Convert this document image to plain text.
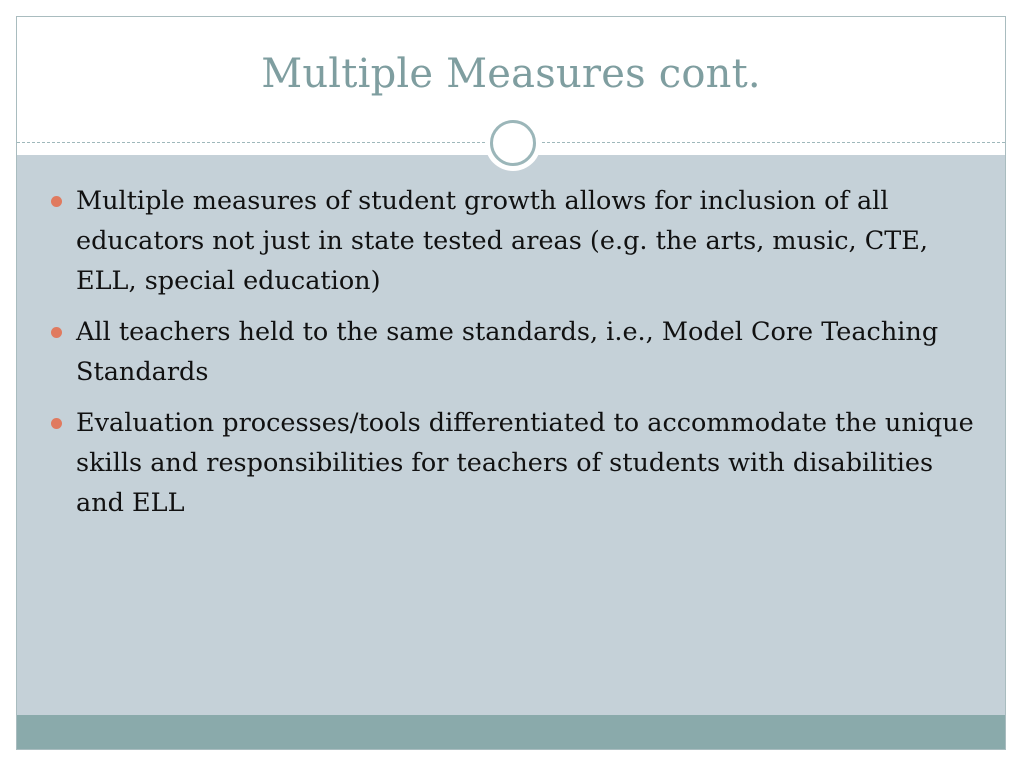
Multiple Measures cont.
Multiple measures of student growth allows for inclusion of all educators not just in state tested areas (e.g. the arts, music, CTE, ELL, special education)
All teachers held to the same standards, i.e., Model Core Teaching Standards
Evaluation processes/tools differentiated to accommodate the unique skills and responsibilities for teachers of students with disabilities and ELL
